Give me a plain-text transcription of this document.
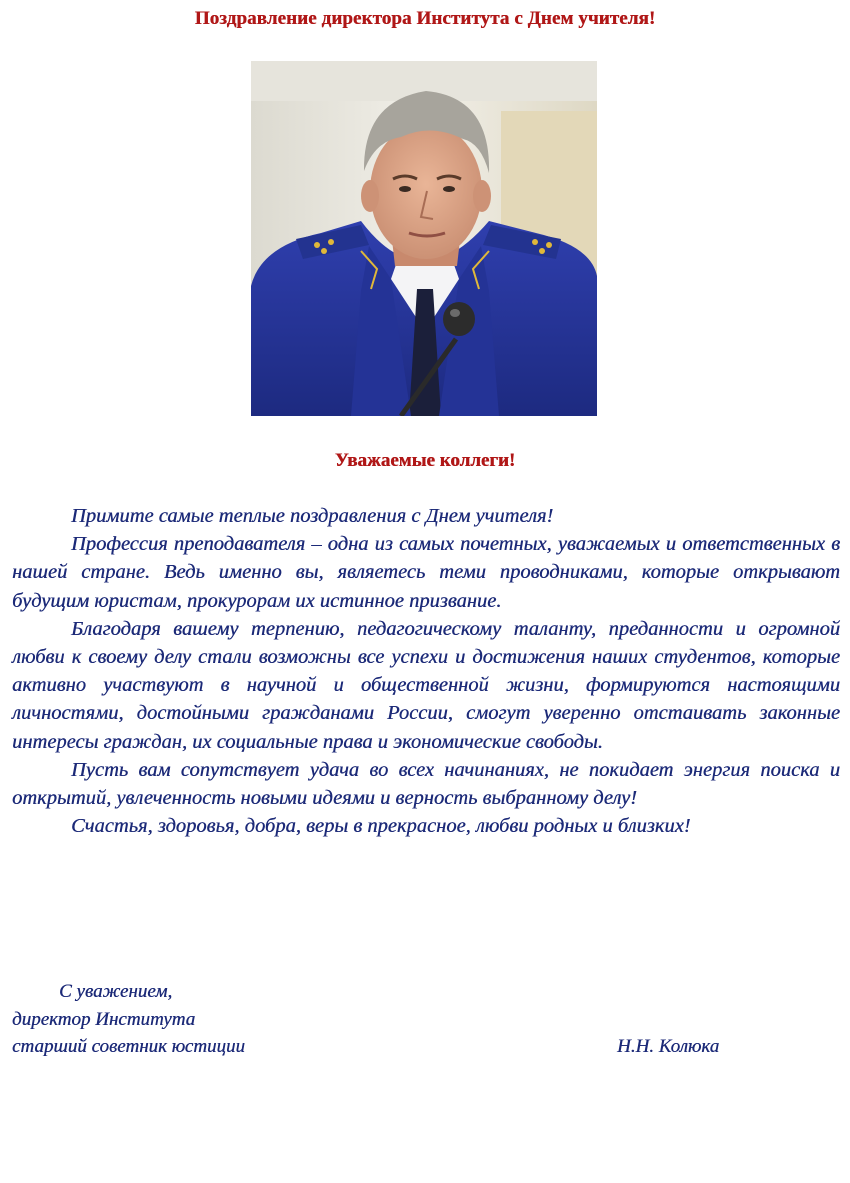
Поздравление директора Института с Днем учителя!
Уважаемые коллеги!

Примите самые теплые поздравления с Днем учителя!

Профессия преподавателя – одна из самых почетных, уважаемых и ответственных в нашей стране. Ведь именно вы, являетесь теми проводниками, которые открывают будущим юристам, прокурорам их истинное призвание.

Благодаря вашему терпению, педагогическому таланту, преданности и огромной любви к своему делу стали возможны все успехи и достижения наших студентов, которые активно участвуют в научной и общественной жизни, формируются настоящими личностями, достойными гражданами России, смогут уверенно отстаивать законные интересы граждан, их социальные права и экономические свободы.

Пусть вам сопутствует удача во всех начинаниях, не покидает энергия поиска и открытий, увлеченность новыми идеями и верность выбранному делу!

Счастья, здоровья, добра, веры в прекрасное, любви родных и близких!

С уважением,
директор Института
старший советник юстиции	Н.Н. Колюка
